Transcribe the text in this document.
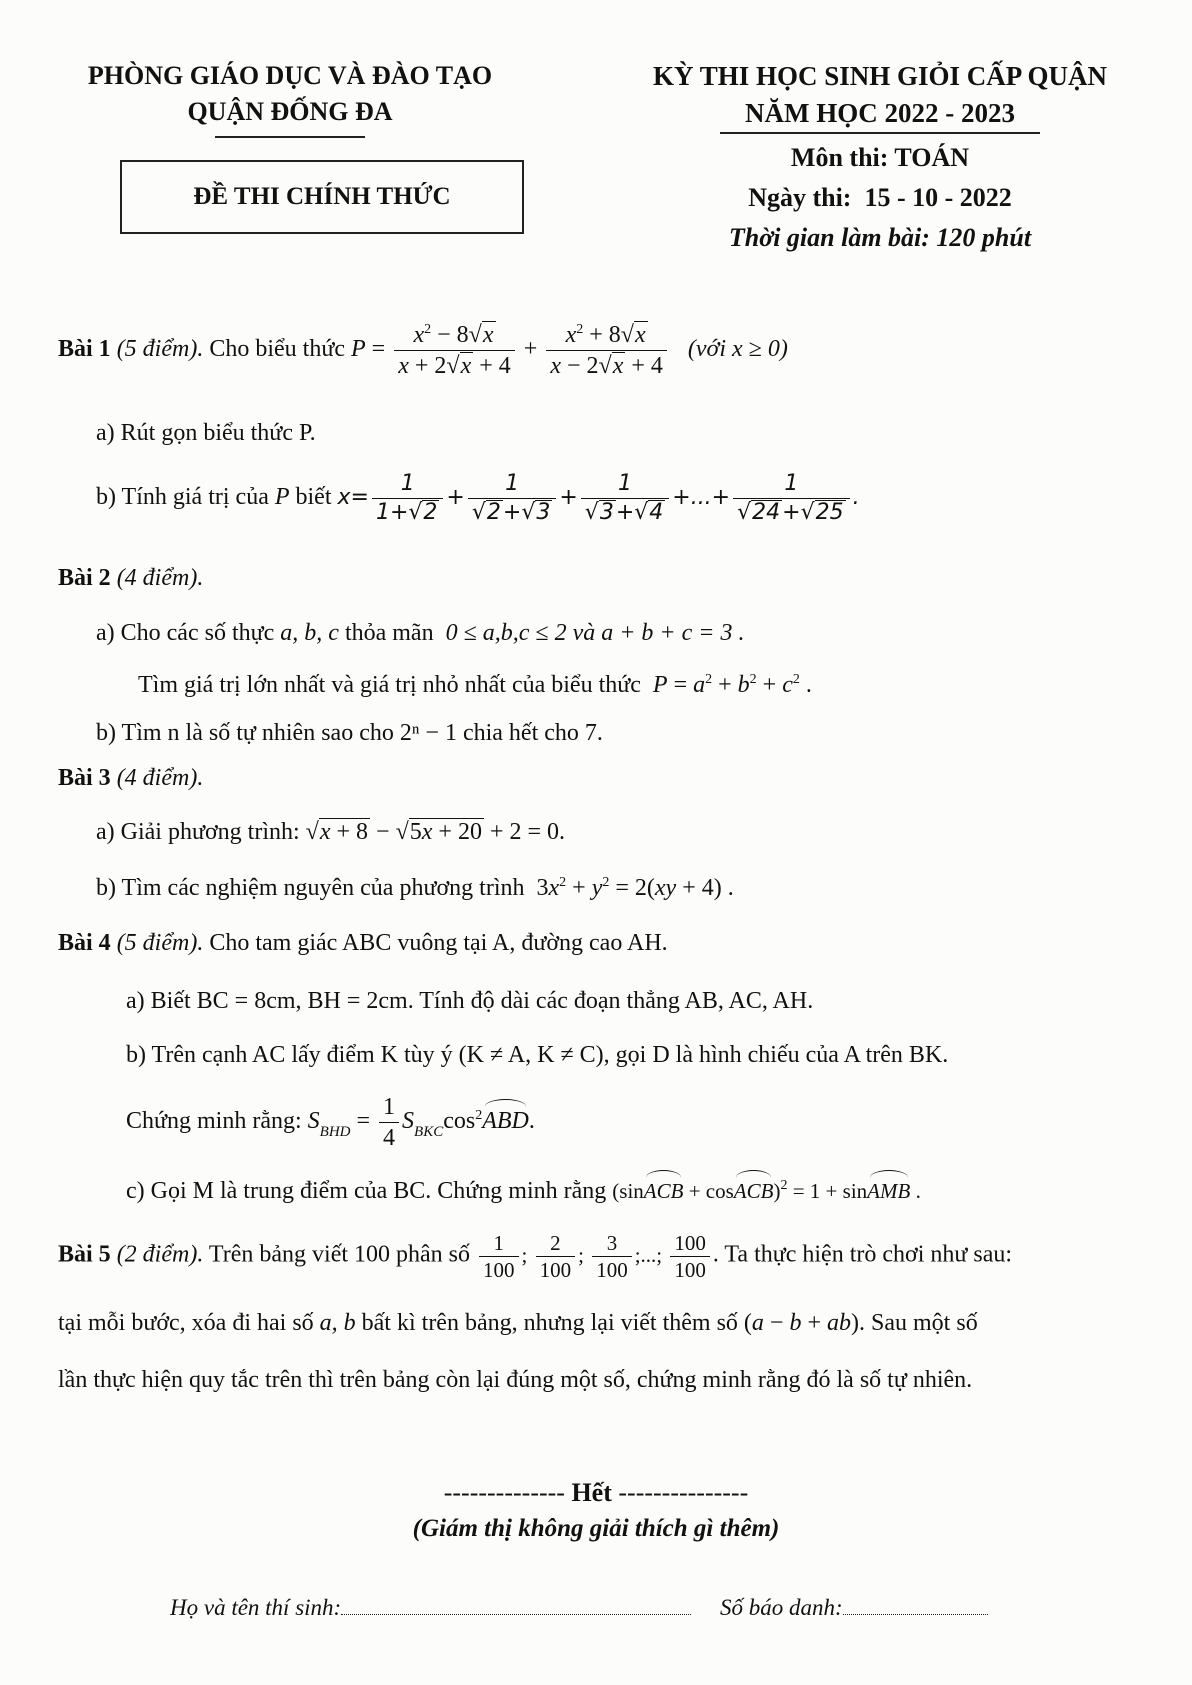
PHÒNG GIÁO DỤC VÀ ĐÀO TẠO
QUẬN ĐỐNG ĐA
ĐỀ THI CHÍNH THỨC
KỲ THI HỌC SINH GIỎI CẤP QUẬN
NĂM HỌC 2022 - 2023
Môn thi: TOÁN
Ngày thi: 15 - 10 - 2022
Thời gian làm bài: 120 phút
Bài 1 (5 điểm). Cho biểu thức $P = \frac{x^2 - 8√x}{x + 2√x + 4} + \frac{x^2 + 8√x}{x - 2√x + 4}$ (với x ≥ 0)
a) Rút gọn biểu thức P.
b) Tính giá trị của P biết $x= \frac{1}{1+√2} + \frac{1}{√2+√3} + \frac{1}{√3+√4}$ +...+ $\frac{1}{√24+√25}$ .
Bài 2 (4 điểm).
a) Cho các số thực a, b, c thỏa mãn 0 ≤ a,b,c ≤ 2 và a + b + c = 3 .
Tìm giá trị lớn nhất và giá trị nhỏ nhất của biểu thức $P = a^2 + b^2 + c^2$ .
b) Tìm n là số tự nhiên sao cho 2ⁿ − 1 chia hết cho 7.
Bài 3 (4 điểm).
a) Giải phương trình: √x + 8 − √5x + 20 + 2 = 0.
b) Tìm các nghiệm nguyên của phương trình $3x^2 + y^2 = 2(xy + 4)$ .
Bài 4 (5 điểm). Cho tam giác ABC vuông tại A, đường cao AH.
a) Biết BC = 8cm, BH = 2cm. Tính độ dài các đoạn thẳng AB, AC, AH.
b) Trên cạnh AC lấy điểm K tùy ý (K ≠ A, K ≠ C), gọi D là hình chiếu của A trên BK.
Chứng minh rằng: $S_{BHD} = \frac{1}{4} S_{BKC}\cos^2ABD$.
c) Gọi M là trung điểm của BC. Chứng minh rằng (sinACB + cosACB)$^2$ = 1 + sinAMB .
Bài 5 (2 điểm). Trên bảng viết 100 phân số $\frac{1}{100}$ ; $\frac{2}{100}$ ; $\frac{3}{100}$ ;...; $\frac{100}{100}$ . Ta thực hiện trò chơi như sau:
tại mỗi bước, xóa đi hai số a, b bất kì trên bảng, nhưng lại viết thêm số (a − b + ab). Sau một số
lần thực hiện quy tắc trên thì trên bảng còn lại đúng một số, chứng minh rằng đó là số tự nhiên.
-------------- Hết ---------------
(Giám thị không giải thích gì thêm)
Họ và tên thí sinh:	Số báo danh:
